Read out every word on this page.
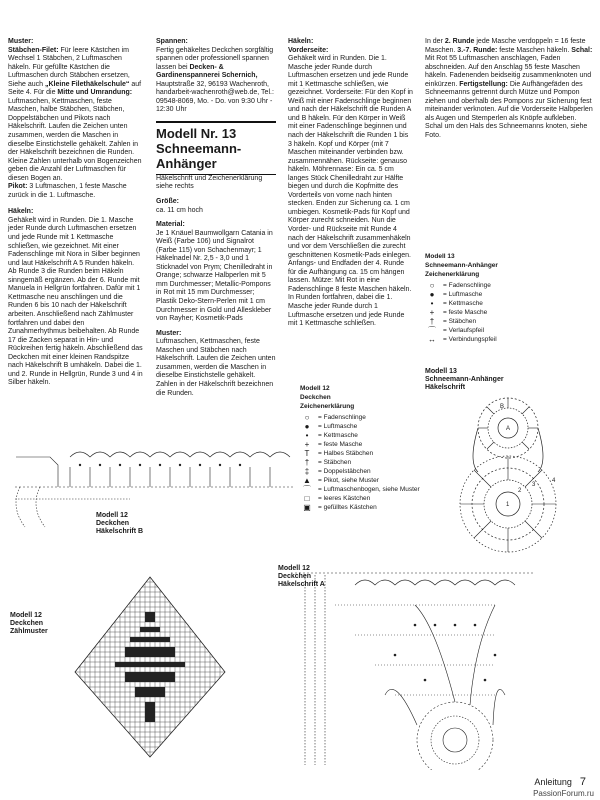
Muster:

Stäbchen-Filet: Für leere Kästchen im Wechsel 1 Stäbchen, 2 Luftmaschen häkeln. Für gefüllte Kästchen die Luftmaschen durch Stäbchen ersetzen, Siehe auch „Kleine Filethäkelschule“ auf Seite 4. Für die Mitte und Umrandung: Luftmaschen, Kettmaschen, feste Maschen, halbe Stäbchen, Stäbchen, Doppelstäbchen und Pikots nach Häkelschrift. Laufen die Zeichen unten zusammen, werden die Maschen in dieselbe Einstichstelle gehäkelt. Zahlen in der Häkelschrift bezeichnen die Runden. Kleine Zahlen unterhalb von Bogenzeichen geben die Anzahl der Luftmaschen für diesen Bogen an.

Pikot: 3 Luftmaschen, 1 feste Masche zurück in die 1. Luftmasche.

Häkeln:

Gehäkelt wird in Runden. Die 1. Masche jeder Runde durch Luftmaschen ersetzen und jede Runde mit 1 Kettmasche schließen, wie gezeichnet. Mit einer Fadenschlinge mit Nora in Silber beginnen und laut Häkelschrift A 5 Runden häkeln. Ab Runde 3 die Runden beim Häkeln sinngemäß ergänzen. Ab der 6. Runde mit Manuela in Hellgrün fortfahren. Dafür mit 1 Kettmasche neu anschlingen und die Runden 6 bis 10 nach der Häkelschrift arbeiten. Anschließend nach Zählmuster fortfahren und dabei den Zunahmerhythmus beibehalten. Ab Runde 17 die Zacken separat in Hin- und Rückreihen fertig häkeln. Abschließend das Deckchen mit einer kleinen Randspitze nach Häkelschrift B umhäkeln. Dabei die 1. und 2. Runde in Hellgrün, Runde 3 und 4 in Silber häkeln.

Spannen:

Fertig gehäkeltes Deckchen sorgfältig spannen oder professionell spannen lassen bei Decken- & Gardinenspannerei Schernich, Hauptstraße 32, 96193 Wachenroth, handarbeit-wachenroth@web.de, Tel.: 09548-8069, Mo. - Do. von 9:30 Uhr - 12:30 Uhr

Modell Nr. 13
Schneemann-Anhänger

Häkelschrift und Zeichenerklärung siehe rechts

Größe:

ca. 11 cm hoch

Material:

Je 1 Knäuel Baumwollgarn Catania in Weiß (Farbe 106) und Signalrot (Farbe 115) von Schachenmayr; 1 Häkelnadel Nr. 2,5 - 3,0 und 1 Sticknadel von Prym; Chenilledraht in Orange; schwarze Halbperlen mit 5 mm Durchmesser; Metallic-Pompons in Rot mit 15 mm Durchmesser; Plastik Deko-Stern-Perlen mit 1 cm Durchmesser in Gold und Alleskleber von Rayher; Kosmetik-Pads

Muster:

Luftmaschen, Kettmaschen, feste Maschen und Stäbchen nach Häkelschrift. Laufen die Zeichen unten zusammen, werden die Maschen in dieselbe Einstichstelle gehäkelt. Zahlen in der Häkelschrift bezeichnen die Runden.

Häkeln:

Vorderseite:

Gehäkelt wird in Runden. Die 1. Masche jeder Runde durch Luftmaschen ersetzen und jede Runde mit 1 Kettmasche schließen, wie gezeichnet. Vorderseite: Für den Kopf in Weiß mit einer Fadenschlinge beginnen und nach der Häkelschrift die Runden A und B häkeln. Für den Körper in Weiß mit einer Fadenschlinge beginnen und nach der Häkelschrift die Runden 1 bis 3 häkeln. Kopf und Körper (mit 7 Maschen miteinander verbinden bzw. zusammennähen. Rückseite: genauso häkeln. Möhrennase: Ein ca. 5 cm langes Stück Chenilledraht zur Hälfte biegen und durch die Kopfmitte des Vorderteils von vorne nach hinten stecken. Enden zur Sicherung ca. 1 cm umbiegen. Kosmetik-Pads für Kopf und Körper zurecht schneiden. Nun die Vorder- und Rückseite mit Runde 4 nach der Häkelschrift zusammenhäkeln und vor dem Verschließen die zurecht geschnittenen Kosmetik-Pads einlegen. Anfangs- und Endfaden der 4. Runde für die Aufhängung ca. 15 cm hängen lassen. Mütze: Mit Rot in eine Fadenschlinge 8 feste Maschen häkeln. In Runden fortfahren, dabei die 1. Masche jeder Runde durch 1 Luftmasche ersetzen und jede Runde mit 1 Kettmasche schließen.

In der 2. Runde jede Masche verdoppeln = 16 feste Maschen. 3.-7. Runde: feste Maschen häkeln. Schal: Mit Rot 55 Luftmaschen anschlagen, Faden abschneiden. Auf den Anschlag 55 feste Maschen häkeln. Fadenenden beidseitig zusammenknoten und einkürzen. Fertigstellung: Die Aufhängefäden des Schneemanns getrennt durch Mütze und Pompon ziehen und oberhalb des Pompons zur Sicherung fest miteinander verknoten. Auf die Vorderseite Halbperlen als Augen und Stemperlen als Knöpfe aufkleben. Schal um den Hals des Schneemanns knoten, siehe Foto.

Modell 13
Schneemann-Anhänger
Zeichenerklärung
○	= Fadenschlinge
●	= Luftmasche
•	= Kettmasche
+	= feste Masche
†	= Stäbchen
⌒	= Verlaufspfeil
↔	= Verbindungspfeil
Modell 12
Deckchen
Zeichenerklärung
○	= Fadenschlinge
●	= Luftmasche
•	= Kettmasche
+	= feste Masche
T	= Halbes Stäbchen
†	= Stäbchen
‡	= Doppelstäbchen
▲	= Pikot, siehe Muster
⌒	= Luftmaschenbogen, siehe Muster
□	= leeres Kästchen
▣	= gefülltes Kästchen
Modell 13
Schneemann-Anhänger
Häkelschrift
A
B
1
2
3
4
Modell 12
Deckchen
Häkelschrift B
Modell 12
Deckchen
Zählmuster
Modell 12
Deckchen
Häkelschrift A
Anleitung 7
PassionForum.ru
